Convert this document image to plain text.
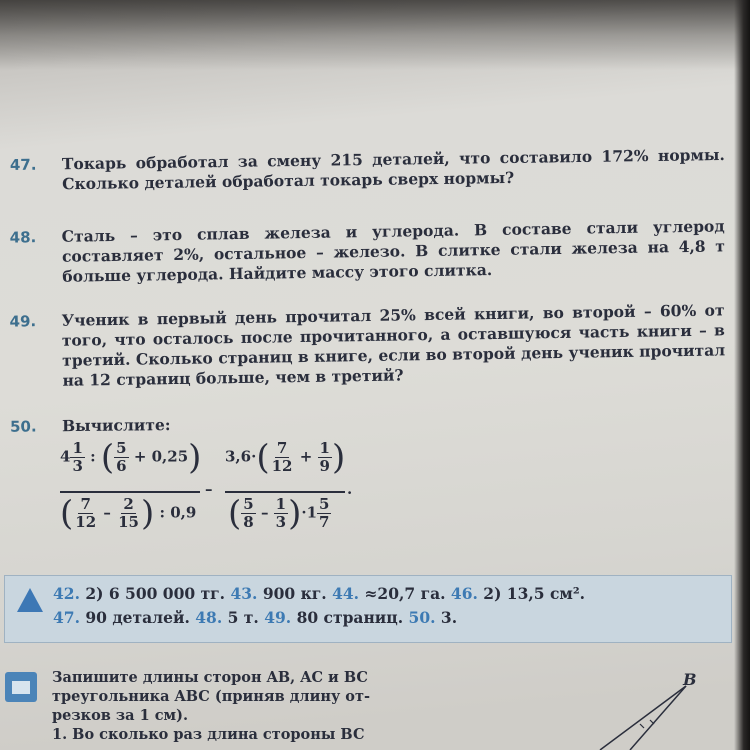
47. Токарь обработал за смену 215 деталей, что составило 172% нормы. Сколько деталей обработал токарь сверх нормы?
48. Сталь – это сплав железа и углерода. В составе стали углерод составляет 2%, остальное – железо. В слитке стали железа на 4,8 т больше углерода. Найдите массу этого слитка.
49. Ученик в первый день прочитал 25% всей книги, во второй – 60% от того, что осталось после прочитанного, а оставшуюся часть книги – в третий. Сколько страниц в книге, если во второй день ученик прочитал на 12 страниц больше, чем в третий?
50. Вычислите:
$4 \frac{1}{3}$ : ( $\frac{5}{6} + 0,25$)
( $\frac{7}{12} - \frac{2}{15}$ ) : 0,9
–
$3,6\cdot( \frac{7}{12} + \frac{1}{9}$ )
( $\frac{5}{8} - \frac{1}{3} )\cdot 1 \frac{5}{7}$
.
42. 2) 6 500 000 тг. 43. 900 кг. 44. ≈20,7 га. 46. 2) 13,5 см².
47. 90 деталей. 48. 5 т. 49. 80 страниц. 50. 3.
Запишите длины сторон AB, AC и BC
треугольника ABC (приняв длину от-
резков за 1 см).
1. Во сколько раз длина стороны BC
B
